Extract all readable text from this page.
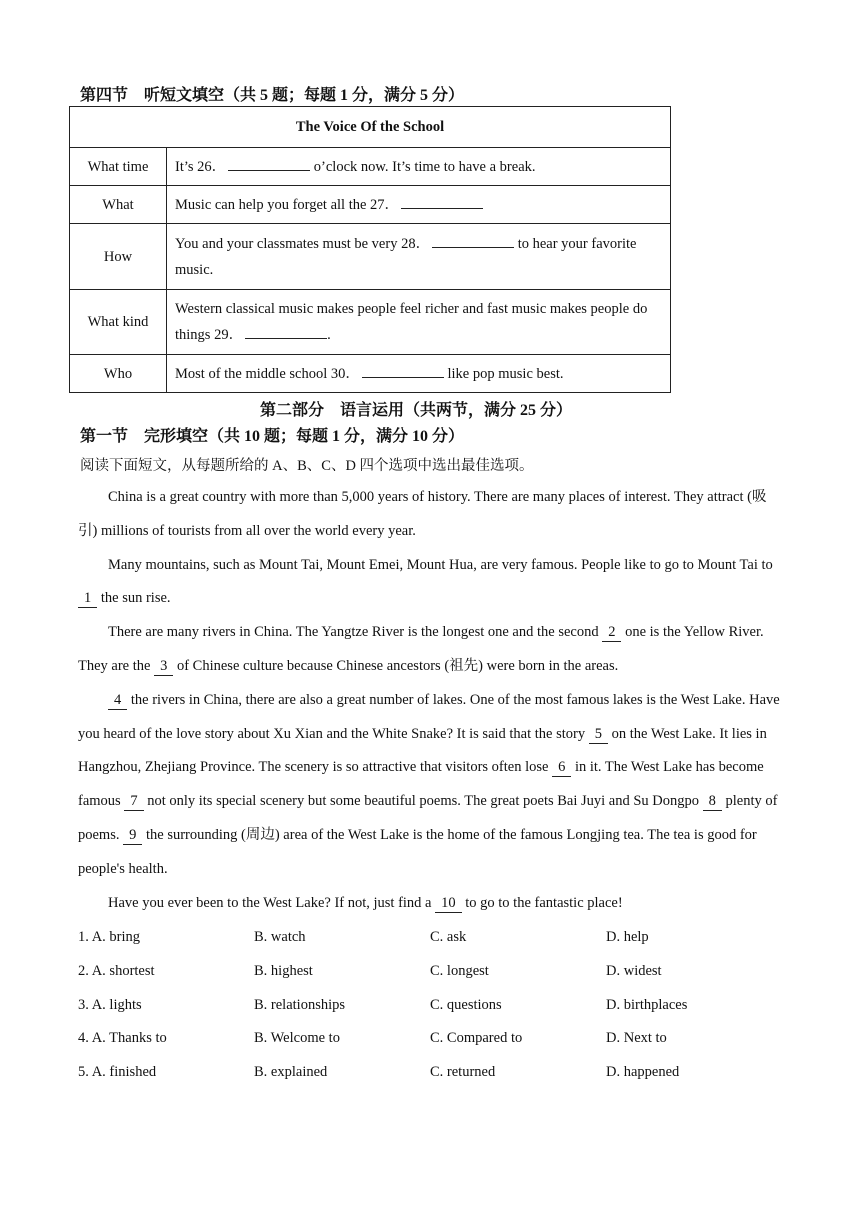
第四节　听短文填空（共 5 题；每题 1 分，满分 5 分）
The Voice Of the School	
What time	It’s 26． o’clock now. It’s time to have a break.
What	Music can help you forget all the 27．
How	You and your classmates must be very 28． to hear your favorite music.
What kind	Western classical music makes people feel richer and fast music makes people do things 29． .
Who	Most of the middle school 30． like pop music best.
第二部分　语言运用（共两节，满分 25 分）
第一节　完形填空（共 10 题；每题 1 分，满分 10 分）
阅读下面短文，从每题所给的 A、B、C、D 四个选项中选出最佳选项。

China is a great country with more than 5,000 years of history. There are many places of interest. They attract (吸引) millions of tourists from all over the world every year.

Many mountains, such as Mount Tai, Mount Emei, Mount Hua, are very famous. People like to go to Mount Tai to 1 the sun rise.

There are many rivers in China. The Yangtze River is the longest one and the second 2 one is the Yellow River. They are the 3 of Chinese culture because Chinese ancestors (祖先) were born in the areas.

4 the rivers in China, there are also a great number of lakes. One of the most famous lakes is the West Lake. Have you heard of the love story about Xu Xian and the White Snake? It is said that the story 5 on the West Lake. It lies in Hangzhou, Zhejiang Province. The scenery is so attractive that visitors often lose 6 in it. The West Lake has become famous 7 not only its special scenery but some beautiful poems. The great poets Bai Juyi and Su Dongpo 8 plenty of poems. 9 the surrounding (周边) area of the West Lake is the home of the famous Longjing tea. The tea is good for people's health.

Have you ever been to the West Lake? If not, just find a 10 to go to the fantastic place!

1. A. bring	B. watch	C. ask	D. help
2. A. shortest	B. highest	C. longest	D. widest
3. A. lights	B. relationships	C. questions	D. birthplaces
4. A. Thanks to	B. Welcome to	C. Compared to	D. Next to
5. A. finished	B. explained	C. returned	D. happened
